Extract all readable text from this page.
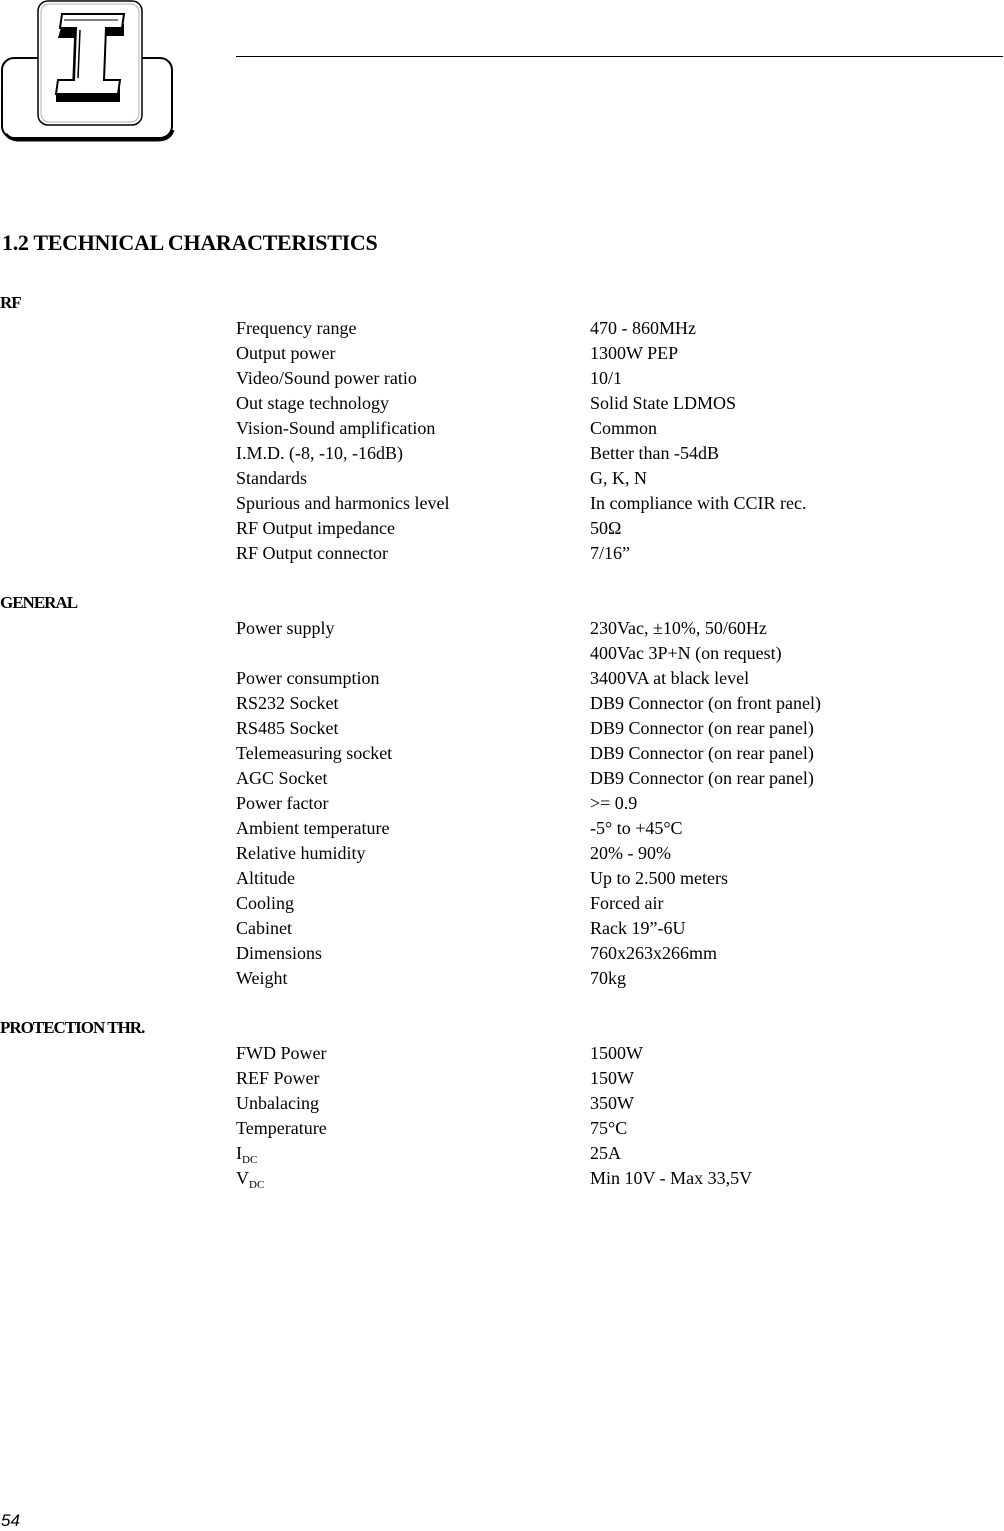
1.2 TECHNICAL CHARACTERISTICS
RF
Frequency range	470 - 860MHz
Output power	1300W PEP
Video/Sound power ratio	10/1
Out stage technology	Solid State LDMOS
Vision-Sound amplification	Common
I.M.D. (-8, -10, -16dB)	Better than -54dB
Standards	G, K, N
Spurious and harmonics level	In compliance with CCIR rec.
RF Output impedance	50Ω
RF Output connector	7/16”
GENERAL
Power supply	230Vac, ±10%, 50/60Hz
400Vac 3P+N (on request)
Power consumption	3400VA at black level
RS232 Socket	DB9 Connector (on front panel)
RS485 Socket	DB9 Connector (on rear panel)
Telemeasuring socket	DB9 Connector (on rear panel)
AGC Socket	DB9 Connector (on rear panel)
Power factor	>= 0.9
Ambient temperature	-5° to +45°C
Relative humidity	20% - 90%
Altitude	Up to 2.500 meters
Cooling	Forced air
Cabinet	Rack 19”-6U
Dimensions	760x263x266mm
Weight	70kg
PROTECTION THR.
FWD Power	1500W
REF Power	150W
Unbalacing	350W
Temperature	75°C
$I_{DC}$	25A
$V_{DC}$	Min 10V - Max 33,5V
54
